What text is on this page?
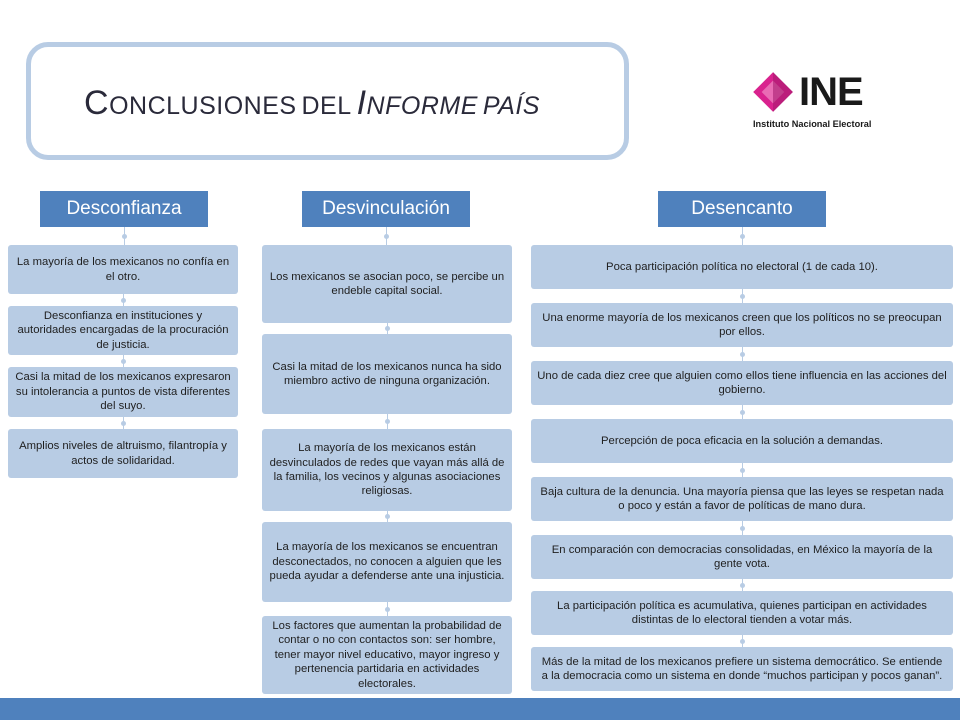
CONCLUSIONES DEL INFORME PAÍS	INE
Instituto Nacional Electoral
Desconfianza
La mayoría de los mexicanos no confía en el otro.
Desconfianza en instituciones y autoridades encargadas de la procuración de justicia.
Casi la mitad de los mexicanos expresaron su intolerancia a puntos de vista diferentes del suyo.
Amplios niveles de altruismo, filantropía y actos de solidaridad.
Desvinculación
Los mexicanos se asocian poco, se percibe un endeble capital social.
Casi la mitad de los mexicanos nunca ha sido miembro activo de ninguna organización.
La mayoría de los mexicanos están desvinculados de redes que vayan más allá de la familia, los vecinos y algunas asociaciones religiosas.
La mayoría de los mexicanos se encuentran desconectados, no conocen a alguien que les pueda ayudar a defenderse ante una injusticia.
Los factores que aumentan la probabilidad de contar o no con contactos son: ser hombre, tener mayor nivel educativo, mayor ingreso y pertenencia partidaria en actividades electorales.
Desencanto
Poca participación política no electoral (1 de cada 10).
Una enorme mayoría de los mexicanos creen que los políticos no se preocupan por ellos.
Uno de cada diez cree que alguien como ellos tiene influencia en las acciones del gobierno.
Percepción de poca eficacia en la solución a demandas.
Baja cultura de la denuncia. Una mayoría piensa que las leyes se respetan nada o poco y están a favor de políticas de mano dura.
En comparación con democracias consolidadas, en México la mayoría de la gente vota.
La participación política es acumulativa, quienes participan en actividades distintas de lo electoral tienden a votar más.
Más de la mitad de los mexicanos prefiere un sistema democrático. Se entiende a la democracia como un sistema en donde “muchos participan y pocos ganan”.
